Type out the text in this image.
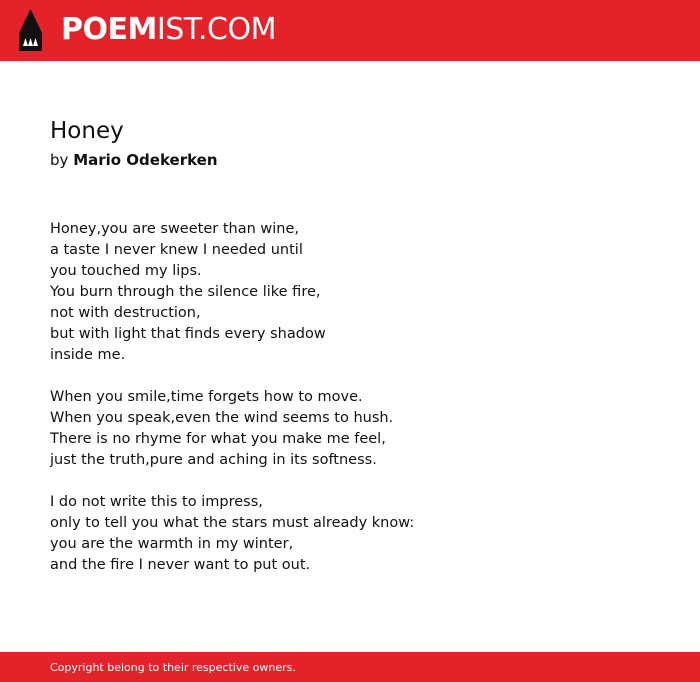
POEMIST.COM
Honey
by Mario Odekerken
Honey,you are sweeter than wine,
a taste I never knew I needed until
you touched my lips.
You burn through the silence like fire,
not with destruction,
but with light that finds every shadow
inside me.
When you smile,time forgets how to move.
When you speak,even the wind seems to hush.
There is no rhyme for what you make me feel,
just the truth,pure and aching in its softness.
I do not write this to impress,
only to tell you what the stars must already know:
you are the warmth in my winter,
and the fire I never want to put out.
Copyright belong to their respective owners.
